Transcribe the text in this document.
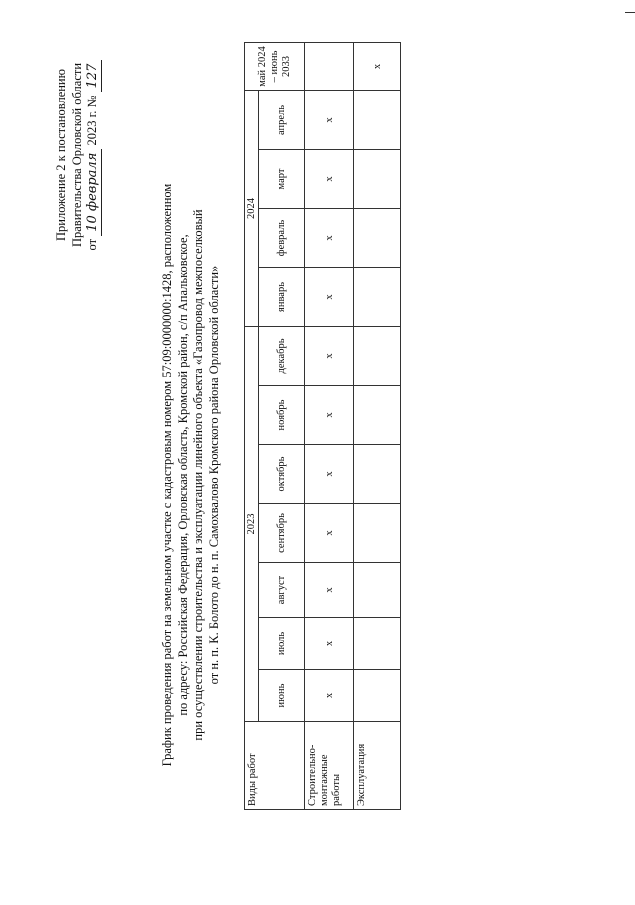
Приложение 2 к постановлению Правительства Орловской области от 10 февраля 2023 г. № 127
График проведения работ на земельном участке с кадастровым номером 57:09:0000000:1428, расположенном по адресу: Российская Федерация, Орловская область, Кромской район, с/п Апальковское, при осуществлении строительства и эксплуатации линейного объекта «Газопровод межпоселковый от н. п. К. Болото до н. п. Самохвалово Кромского района Орловской области»
Виды работ	2023							2024				май 2024 – июнь 2033
	июнь	июль	август	сентябрь	октябрь	ноябрь	декабрь	январь	февраль	март	апрель	
Строительно-монтажные работы	x	x	x	x	x	x	x	x	x	x	x	
Эксплуатация												x
